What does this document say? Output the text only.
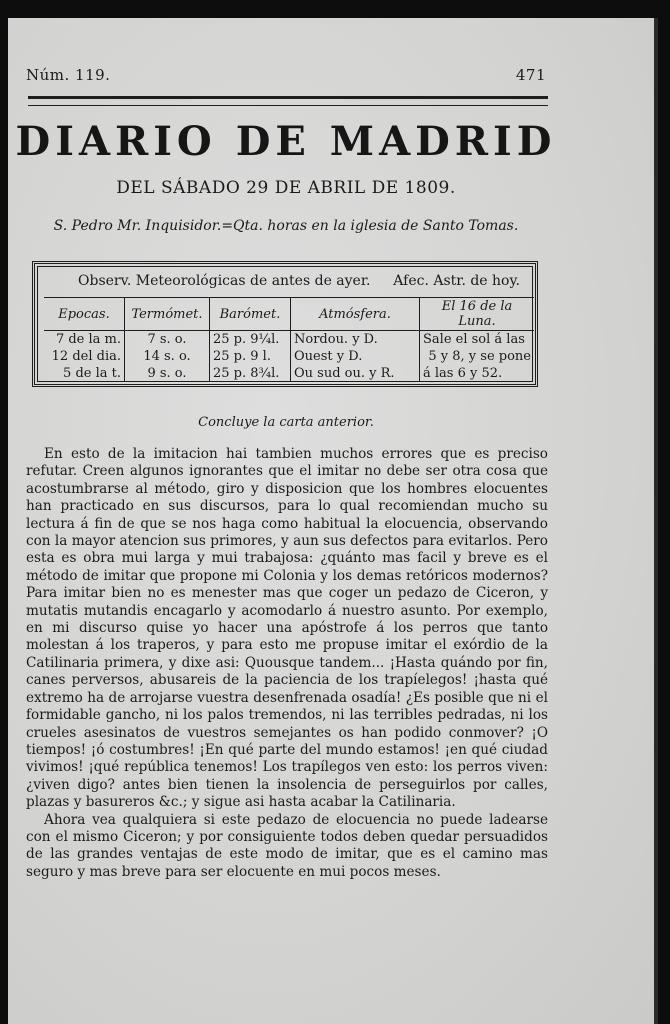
Núm. 119.	471
DIARIO DE MADRID
DEL SÁBADO 29 DE ABRIL DE 1809.
S. Pedro Mr. Inquisidor.=Qta. horas en la iglesia de Santo Tomas.
Observ. Meteorológicas de antes de ayer. Afec. Astr. de hoy.
Epocas.	Termómet.	Barómet.	Atmósfera.	El 16 de la Luna.
7 de la m.	7 s. o.	25 p. 9¼l.	Nordou. y D.	Sale el sol á las
12 del dia.	14 s. o.	25 p. 9 l.	Ouest y D.	5 y 8, y se pone
5 de la t.	9 s. o.	25 p. 8¾l.	Ou sud ou. y R.	á las 6 y 52.
Concluye la carta anterior.

En esto de la imitacion hai tambien muchos errores que es preciso refutar. Creen algunos ignorantes que el imitar no debe ser otra cosa que acostumbrarse al método, giro y disposicion que los hombres elocuentes han practicado en sus discursos, para lo qual recomiendan mucho su lectura á fin de que se nos haga como habitual la elocuencia, observando con la mayor atencion sus primores, y aun sus defectos para evitarlos. Pero esta es obra mui larga y mui trabajosa: ¿quánto mas facil y breve es el método de imitar que propone mi Colonia y los demas retóricos modernos? Para imitar bien no es menester mas que coger un pedazo de Ciceron, y mutatis mutandis encagarlo y acomodarlo á nuestro asunto. Por exemplo, en mi discurso quise yo hacer una apóstrofe á los perros que tanto molestan á los traperos, y para esto me propuse imitar el exórdio de la Catilinaria primera, y dixe asi: Quousque tandem... ¡Hasta quándo por fin, canes perversos, abusareis de la paciencia de los trapíelegos! ¡hasta qué extremo ha de arrojarse vuestra desenfrenada osadía! ¿Es posible que ni el formidable gancho, ni los palos tremendos, ni las terribles pedradas, ni los crueles asesinatos de vuestros semejantes os han podido conmover? ¡O tiempos! ¡ó costumbres! ¡En qué parte del mundo estamos! ¡en qué ciudad vivimos! ¡qué república tenemos! Los trapílegos ven esto: los perros viven: ¿viven digo? antes bien tienen la insolencia de perseguirlos por calles, plazas y basureros &c.; y sigue asi hasta acabar la Catilinaria.

Ahora vea qualquiera si este pedazo de elocuencia no puede ladearse con el mismo Ciceron; y por consiguiente todos deben quedar persuadidos de las grandes ventajas de este modo de imitar, que es el camino mas seguro y mas breve para ser elocuente en mui pocos meses.
